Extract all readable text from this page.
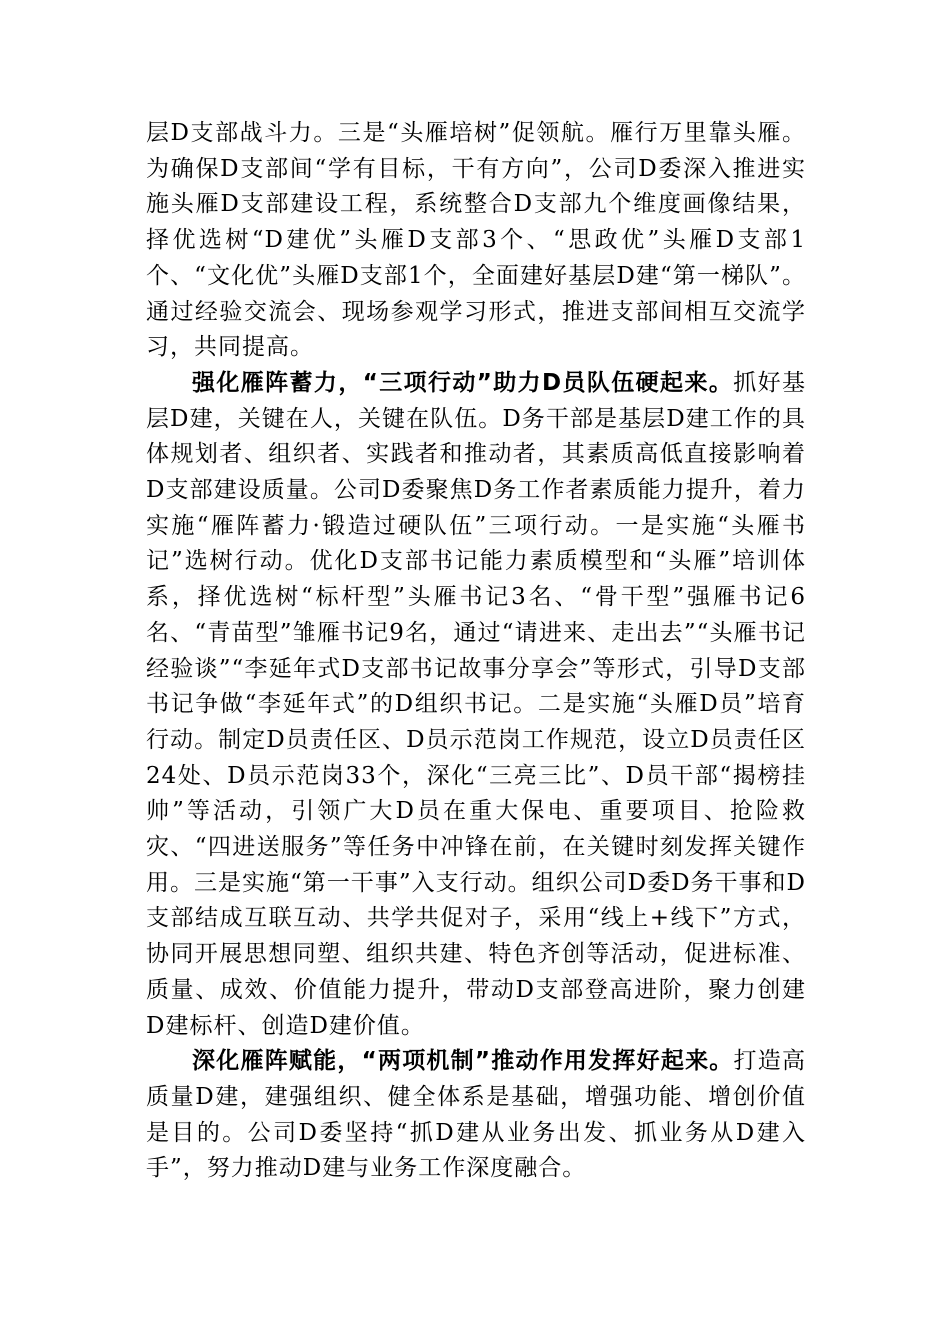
层D支部战斗力。三是“头雁培树”促领航。雁行万里靠头雁。为确保D支部间“学有目标，干有方向”，公司D委深入推进实施头雁D支部建设工程，系统整合D支部九个维度画像结果，择优选树“D建优”头雁D支部3个、“思政优”头雁D支部1个、“文化优”头雁D支部1个，全面建好基层D建“第一梯队”。通过经验交流会、现场参观学习形式，推进支部间相互交流学习，共同提高。

强化雁阵蓄力，“三项行动”助力D员队伍硬起来。抓好基层D建，关键在人，关键在队伍。D务干部是基层D建工作的具体规划者、组织者、实践者和推动者，其素质高低直接影响着D支部建设质量。公司D委聚焦D务工作者素质能力提升，着力实施“雁阵蓄力·锻造过硬队伍”三项行动。一是实施“头雁书记”选树行动。优化D支部书记能力素质模型和“头雁”培训体系，择优选树“标杆型”头雁书记3名、“骨干型”强雁书记6名、“青苗型”雏雁书记9名，通过“请进来、走出去”“头雁书记经验谈”“李延年式D支部书记故事分享会”等形式，引导D支部书记争做“李延年式”的D组织书记。二是实施“头雁D员”培育行动。制定D员责任区、D员示范岗工作规范，设立D员责任区24处、D员示范岗33个，深化“三亮三比”、D员干部“揭榜挂帅”等活动，引领广大D员在重大保电、重要项目、抢险救灾、“四进送服务”等任务中冲锋在前，在关键时刻发挥关键作用。三是实施“第一干事”入支行动。组织公司D委D务干事和D支部结成互联互动、共学共促对子，采用“线上+线下”方式，协同开展思想同塑、组织共建、特色齐创等活动，促进标准、质量、成效、价值能力提升，带动D支部登高进阶，聚力创建D建标杆、创造D建价值。

深化雁阵赋能，“两项机制”推动作用发挥好起来。打造高质量D建，建强组织、健全体系是基础，增强功能、增创价值是目的。公司D委坚持“抓D建从业务出发、抓业务从D建入手”，努力推动D建与业务工作深度融合。
